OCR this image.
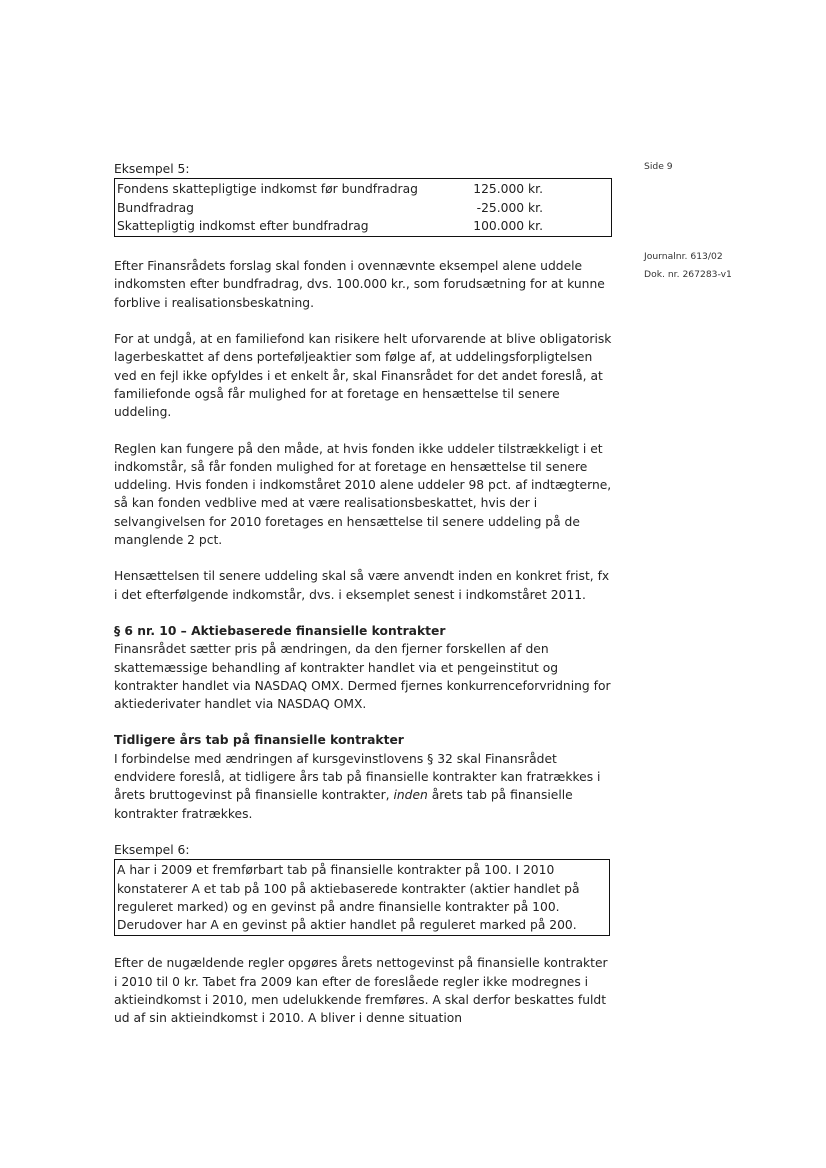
Side 9
Journalnr. 613/02
Dok. nr. 267283-v1

Eksempel 5:

Fondens skattepligtige indkomst før bundfradrag	125.000 kr.
Bundfradrag	-25.000 kr.
Skattepligtig indkomst efter bundfradrag	100.000 kr.

Efter Finansrådets forslag skal fonden i ovennævnte eksempel alene uddele indkomsten efter bundfradrag, dvs. 100.000 kr., som forudsætning for at kunne forblive i realisationsbeskatning.

For at undgå, at en familiefond kan risikere helt uforvarende at blive obligatorisk lagerbeskattet af dens porteføljeaktier som følge af, at uddelingsforpligtelsen ved en fejl ikke opfyldes i et enkelt år, skal Finansrådet for det andet foreslå, at familiefonde også får mulighed for at foretage en hensættelse til senere uddeling.

Reglen kan fungere på den måde, at hvis fonden ikke uddeler tilstrækkeligt i et indkomstår, så får fonden mulighed for at foretage en hensættelse til senere uddeling. Hvis fonden i indkomståret 2010 alene uddeler 98 pct. af indtægterne, så kan fonden vedblive med at være realisationsbeskattet, hvis der i selvangivelsen for 2010 foretages en hensættelse til senere uddeling på de manglende 2 pct.

Hensættelsen til senere uddeling skal så være anvendt inden en konkret frist, fx i det efterfølgende indkomstår, dvs. i eksemplet senest i indkomståret 2011.

§ 6 nr. 10 – Aktiebaserede finansielle kontrakter

Finansrådet sætter pris på ændringen, da den fjerner forskellen af den skattemæssige behandling af kontrakter handlet via et pengeinstitut og kontrakter handlet via NASDAQ OMX. Dermed fjernes konkurrenceforvridning for aktiederivater handlet via NASDAQ OMX.

Tidligere års tab på finansielle kontrakter

I forbindelse med ændringen af kursgevinstlovens § 32 skal Finansrådet endvidere foreslå, at tidligere års tab på finansielle kontrakter kan fratrækkes i årets bruttogevinst på finansielle kontrakter, inden årets tab på finansielle kontrakter fratrækkes.

Eksempel 6:

A har i 2009 et fremførbart tab på finansielle kontrakter på 100. I 2010 konstaterer A et tab på 100 på aktiebaserede kontrakter (aktier handlet på reguleret marked) og en gevinst på andre finansielle kontrakter på 100. Derudover har A en gevinst på aktier handlet på reguleret marked på 200.

Efter de nugældende regler opgøres årets nettogevinst på finansielle kontrakter i 2010 til 0 kr. Tabet fra 2009 kan efter de foreslåede regler ikke modregnes i aktieindkomst i 2010, men udelukkende fremføres. A skal derfor beskattes fuldt ud af sin aktieindkomst i 2010. A bliver i denne situation
